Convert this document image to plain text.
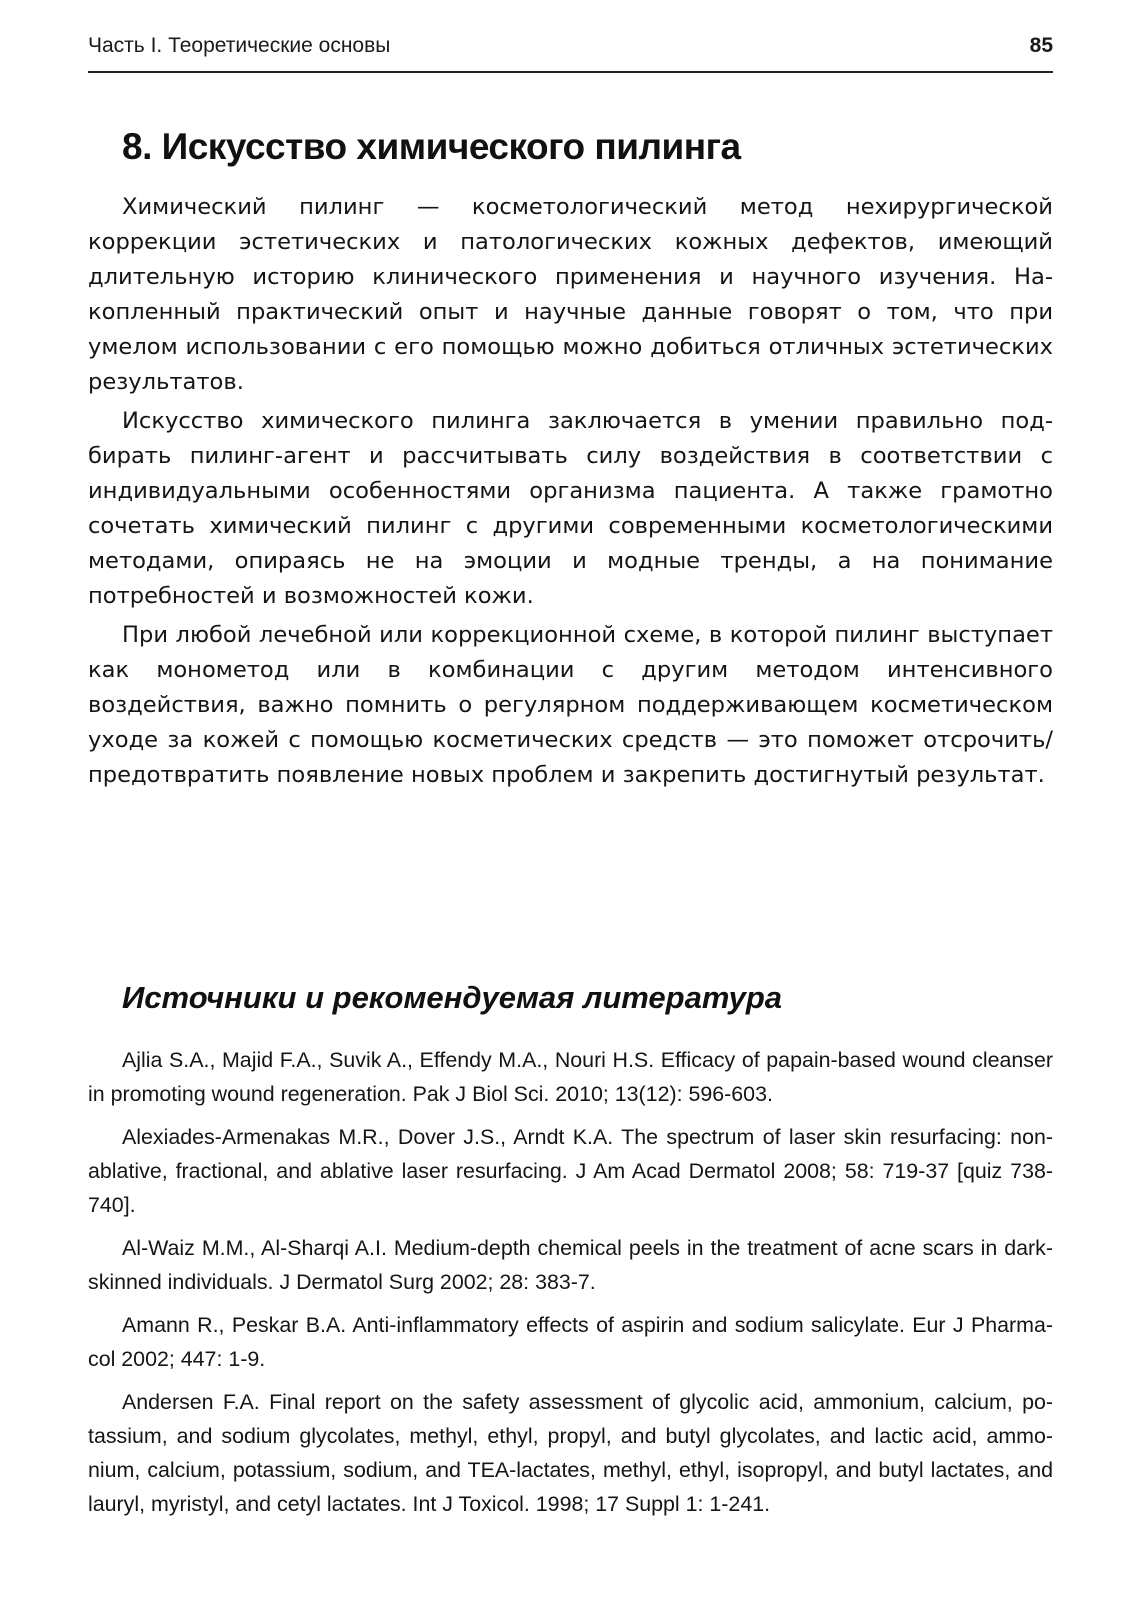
Часть I. Теоретические основы	85
8. Искусство химического пилинга

Химический пилинг — косметологический метод нехирургической коррекции эстетических и патологических кожных дефектов, имеющий длительную историю клинического применения и научного изучения. Накопленный практический опыт и научные данные говорят о том, что при умелом использовании с его помощью можно добиться отличных эстетических результатов.

Искусство химического пилинга заключается в умении правильно подбирать пилинг-агент и рассчитывать силу воздействия в соответствии с индивидуальными особенностями организма пациента. А также грамотно сочетать химический пилинг с другими современными косметологическими методами, опираясь не на эмоции и модные тренды, а на понимание потребностей и возможностей кожи.

При любой лечебной или коррекционной схеме, в которой пилинг выступает как монометод или в комбинации с другим методом интенсивного воздействия, важно помнить о регулярном поддерживающем косметическом уходе за кожей с помощью косметических средств — это поможет отсрочить/предотвратить появление новых проблем и закрепить достигнутый результат.

Источники и рекомендуемая литература

Ajlia S.A., Majid F.A., Suvik A., Effendy M.A., Nouri H.S. Efficacy of papain-based wound cleanser in promoting wound regeneration. Pak J Biol Sci. 2010; 13(12): 596-603.

Alexiades-Armenakas M.R., Dover J.S., Arndt K.A. The spectrum of laser skin resurfacing: nonablative, fractional, and ablative laser resurfacing. J Am Acad Dermatol 2008; 58: 719-37 [quiz 738-740].

Al-Waiz M.M., Al-Sharqi A.I. Medium-depth chemical peels in the treatment of acne scars in dark-skinned individuals. J Dermatol Surg 2002; 28: 383-7.

Amann R., Peskar B.A. Anti-inflammatory effects of aspirin and sodium salicylate. Eur J Pharmacol 2002; 447: 1-9.

Andersen F.A. Final report on the safety assessment of glycolic acid, ammonium, calcium, potassium, and sodium glycolates, methyl, ethyl, propyl, and butyl glycolates, and lactic acid, ammonium, calcium, potassium, sodium, and TEA-lactates, methyl, ethyl, isopropyl, and butyl lactates, and lauryl, myristyl, and cetyl lactates. Int J Toxicol. 1998; 17 Suppl 1: 1-241.
